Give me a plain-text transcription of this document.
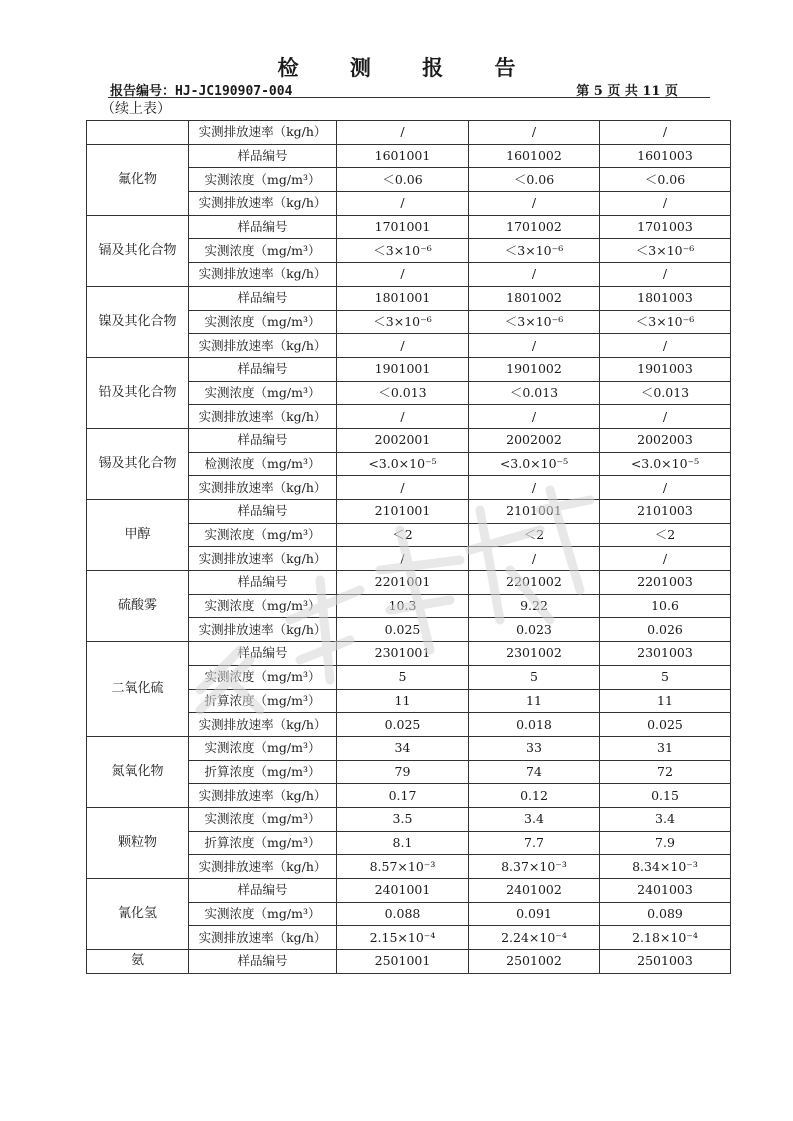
检 测 报 告
报告编号：HJ-JC190907-004	第 5 页 共 11 页
（续上表）
	实测排放速率（kg/h）	/	/	/
氟化物	样品编号	1601001	1601002	1601003
	实测浓度（mg/m³）	＜0.06	＜0.06	＜0.06
	实测排放速率（kg/h）	/	/	/
镉及其化合物	样品编号	1701001	1701002	1701003
	实测浓度（mg/m³）	＜3×10⁻⁶	＜3×10⁻⁶	＜3×10⁻⁶
	实测排放速率（kg/h）	/	/	/
镍及其化合物	样品编号	1801001	1801002	1801003
	实测浓度（mg/m³）	＜3×10⁻⁶	＜3×10⁻⁶	＜3×10⁻⁶
	实测排放速率（kg/h）	/	/	/
铅及其化合物	样品编号	1901001	1901002	1901003
	实测浓度（mg/m³）	＜0.013	＜0.013	＜0.013
	实测排放速率（kg/h）	/	/	/
锡及其化合物	样品编号	2002001	2002002	2002003
	检测浓度（mg/m³）	<3.0×10⁻⁵	<3.0×10⁻⁵	<3.0×10⁻⁵
	实测排放速率（kg/h）	/	/	/
甲醇	样品编号	2101001	2101001	2101003
	实测浓度（mg/m³）	＜2	＜2	＜2
	实测排放速率（kg/h）	/	/	/
硫酸雾	样品编号	2201001	2201002	2201003
	实测浓度（mg/m³）	10.3	9.22	10.6
	实测排放速率（kg/h）	0.025	0.023	0.026
二氧化硫	样品编号	2301001	2301002	2301003
	实测浓度（mg/m³）	5	5	5
	折算浓度（mg/m³）	11	11	11
	实测排放速率（kg/h）	0.025	0.018	0.025
氮氧化物	实测浓度（mg/m³）	34	33	31
	折算浓度（mg/m³）	79	74	72
	实测排放速率（kg/h）	0.17	0.12	0.15
颗粒物	实测浓度（mg/m³）	3.5	3.4	3.4
	折算浓度（mg/m³）	8.1	7.7	7.9
	实测排放速率（kg/h）	8.57×10⁻³	8.37×10⁻³	8.34×10⁻³
氰化氢	样品编号	2401001	2401002	2401003
	实测浓度（mg/m³）	0.088	0.091	0.089
	实测排放速率（kg/h）	2.15×10⁻⁴	2.24×10⁻⁴	2.18×10⁻⁴
氨	样品编号	2501001	2501002	2501003
